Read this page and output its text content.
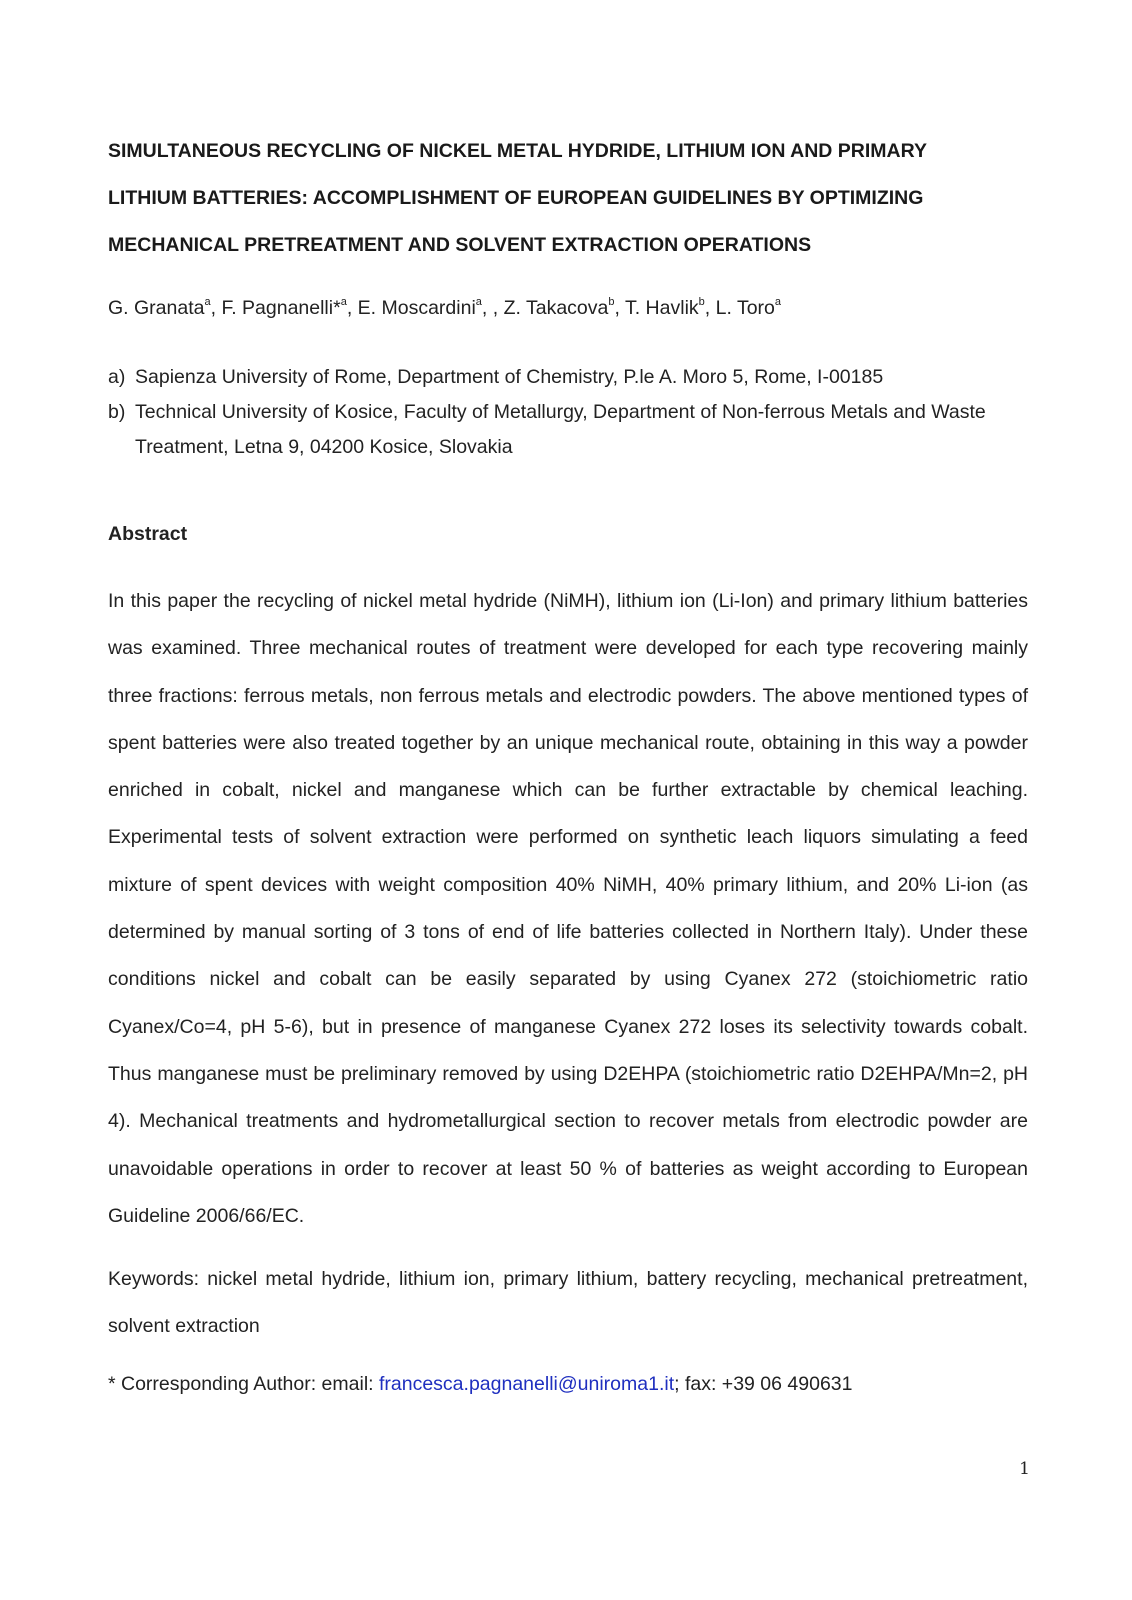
SIMULTANEOUS RECYCLING OF NICKEL METAL HYDRIDE, LITHIUM ION AND PRIMARY
LITHIUM BATTERIES: ACCOMPLISHMENT OF EUROPEAN GUIDELINES BY OPTIMIZING
MECHANICAL PRETREATMENT AND SOLVENT EXTRACTION OPERATIONS
G. Granata$^a$, F. Pagnanelli*$^a$, E. Moscardini$^a$, , Z. Takacova$^b$, T. Havlik$^b$, L. Toro$^a$
a) Sapienza University of Rome, Department of Chemistry, P.le A. Moro 5, Rome, I-00185
b) Technical University of Kosice, Faculty of Metallurgy, Department of Non-ferrous Metals and Waste Treatment, Letna 9, 04200 Kosice, Slovakia
Abstract

In this paper the recycling of nickel metal hydride (NiMH), lithium ion (Li-Ion) and primary lithium batteries was examined. Three mechanical routes of treatment were developed for each type recovering mainly three fractions: ferrous metals, non ferrous metals and electrodic powders. The above mentioned types of spent batteries were also treated together by an unique mechanical route, obtaining in this way a powder enriched in cobalt, nickel and manganese which can be further extractable by chemical leaching. Experimental tests of solvent extraction were performed on synthetic leach liquors simulating a feed mixture of spent devices with weight composition 40% NiMH, 40% primary lithium, and 20% Li-ion (as determined by manual sorting of 3 tons of end of life batteries collected in Northern Italy). Under these conditions nickel and cobalt can be easily separated by using Cyanex 272 (stoichiometric ratio Cyanex/Co=4, pH 5-6), but in presence of manganese Cyanex 272 loses its selectivity towards cobalt. Thus manganese must be preliminary removed by using D2EHPA (stoichiometric ratio D2EHPA/Mn=2, pH 4). Mechanical treatments and hydrometallurgical section to recover metals from electrodic powder are unavoidable operations in order to recover at least 50 % of batteries as weight according to European Guideline 2006/66/EC.

Keywords: nickel metal hydride, lithium ion, primary lithium, battery recycling, mechanical pretreatment, solvent extraction

* Corresponding Author: email: francesca.pagnanelli@uniroma1.it; fax: +39 06 490631
1
